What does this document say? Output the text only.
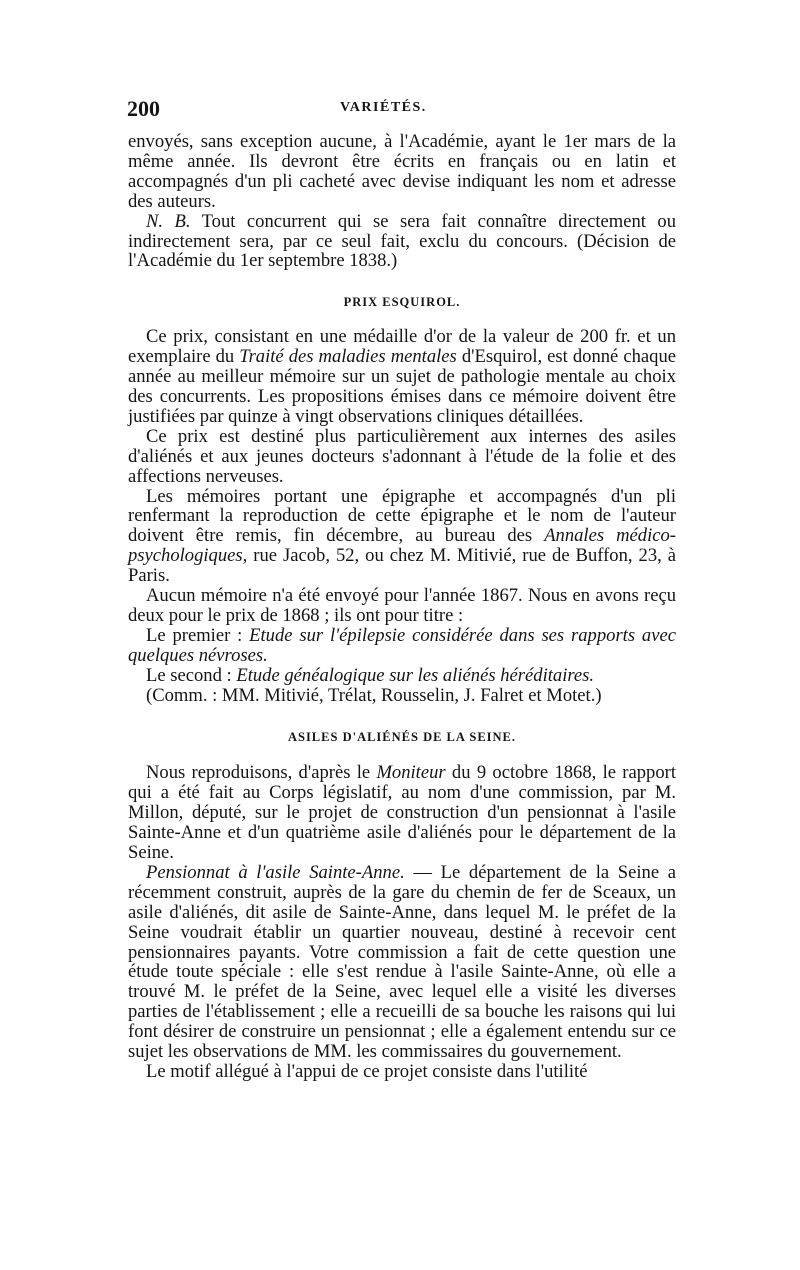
200	VARIÉTÉS.

envoyés, sans exception aucune, à l'Académie, ayant le 1er mars de la même année. Ils devront être écrits en français ou en latin et accompagnés d'un pli cacheté avec devise indiquant les nom et adresse des auteurs.

N. B. Tout concurrent qui se sera fait connaître directement ou indirectement sera, par ce seul fait, exclu du concours. (Décision de l'Académie du 1er septembre 1838.)

PRIX ESQUIROL.

Ce prix, consistant en une médaille d'or de la valeur de 200 fr. et un exemplaire du Traité des maladies mentales d'Esquirol, est donné chaque année au meilleur mémoire sur un sujet de pathologie mentale au choix des concurrents. Les propositions émises dans ce mémoire doivent être justifiées par quinze à vingt observations cliniques détaillées.

Ce prix est destiné plus particulièrement aux internes des asiles d'aliénés et aux jeunes docteurs s'adonnant à l'étude de la folie et des affections nerveuses.

Les mémoires portant une épigraphe et accompagnés d'un pli renfermant la reproduction de cette épigraphe et le nom de l'auteur doivent être remis, fin décembre, au bureau des Annales médico-psychologiques, rue Jacob, 52, ou chez M. Mitivié, rue de Buffon, 23, à Paris.

Aucun mémoire n'a été envoyé pour l'année 1867. Nous en avons reçu deux pour le prix de 1868 ; ils ont pour titre :

Le premier : Etude sur l'épilepsie considérée dans ses rapports avec quelques névroses.

Le second : Etude généalogique sur les aliénés héréditaires.

(Comm. : MM. Mitivié, Trélat, Rousselin, J. Falret et Motet.)

ASILES D'ALIÉNÉS DE LA SEINE.

Nous reproduisons, d'après le Moniteur du 9 octobre 1868, le rapport qui a été fait au Corps législatif, au nom d'une commission, par M. Millon, député, sur le projet de construction d'un pensionnat à l'asile Sainte-Anne et d'un quatrième asile d'aliénés pour le département de la Seine.

Pensionnat à l'asile Sainte-Anne. — Le département de la Seine a récemment construit, auprès de la gare du chemin de fer de Sceaux, un asile d'aliénés, dit asile de Sainte-Anne, dans lequel M. le préfet de la Seine voudrait établir un quartier nouveau, destiné à recevoir cent pensionnaires payants. Votre commission a fait de cette question une étude toute spéciale : elle s'est rendue à l'asile Sainte-Anne, où elle a trouvé M. le préfet de la Seine, avec lequel elle a visité les diverses parties de l'établissement ; elle a recueilli de sa bouche les raisons qui lui font désirer de construire un pensionnat ; elle a également entendu sur ce sujet les observations de MM. les commissaires du gouvernement.

Le motif allégué à l'appui de ce projet consiste dans l'utilité
